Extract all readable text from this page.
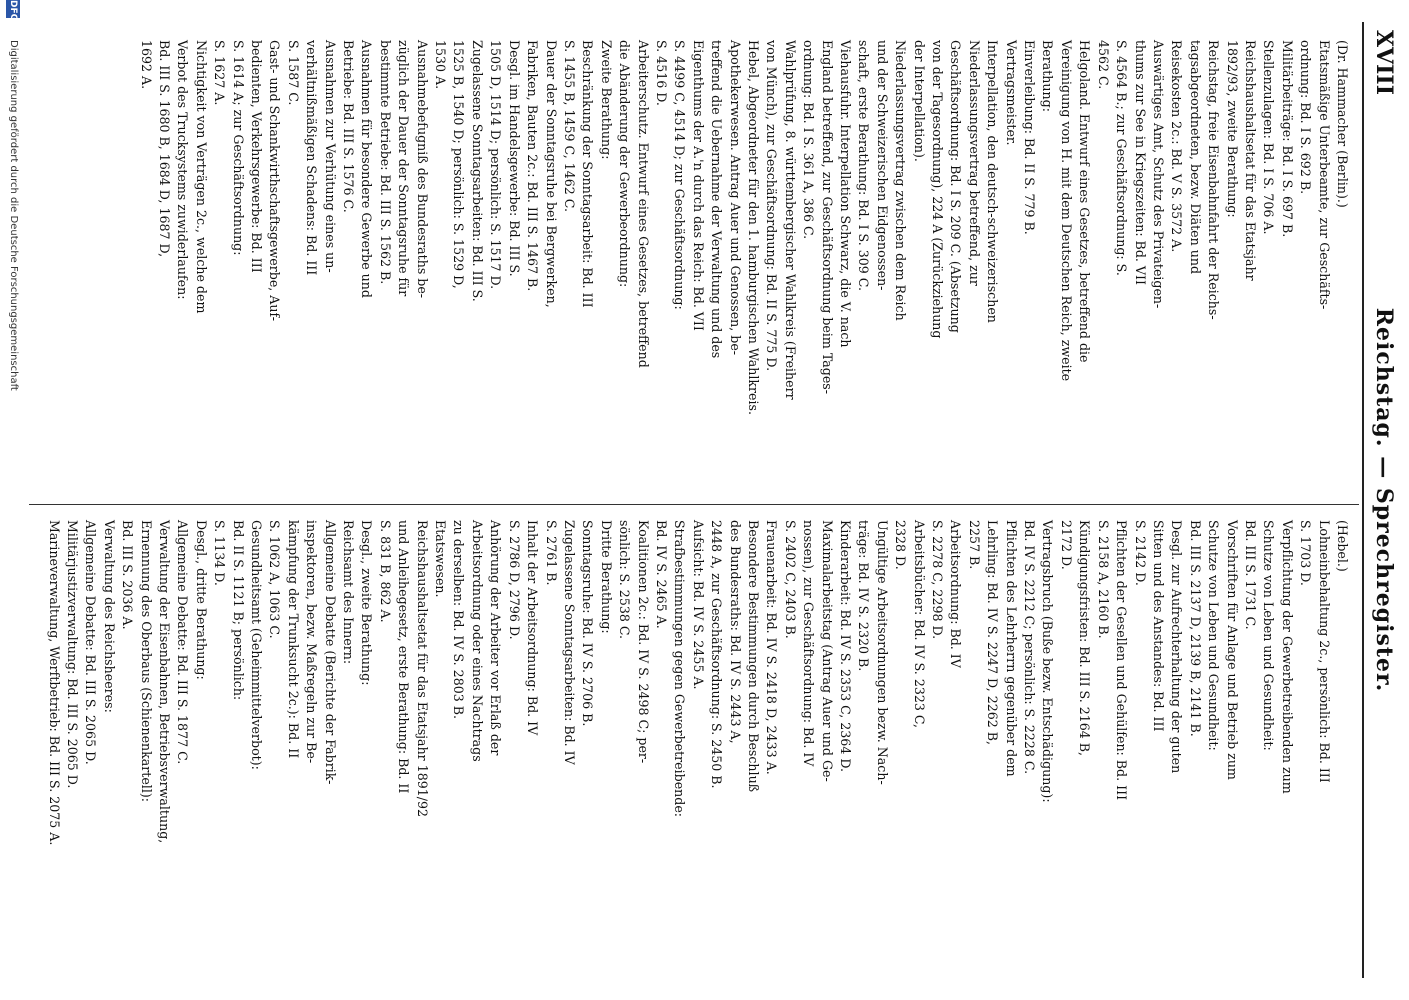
XVIII
Reichstag. — Sprechregister.
(Dr. Hammacher (Berlin).)
Etatsmäßige Unterbeamte, zur Geschäfts-
ordnung: Bd. I S. 692 B.
Militärbeiträge: Bd. I S. 697 B.
Stellenzulagen: Bd. I S. 706 A.
Reichshaushaltsetat für das Etatsjahr
1892/93, zweite Berathung:
Reichstag, freie Eisenbahnfahrt der Reichs-
tagsabgeordneten, bezw. Diäten und
Reisekosten 2c.: Bd. V S. 3572 A.
Auswärtiges Amt, Schutz des Privateigen-
thums zur See in Kriegszeiten: Bd. VII
S. 4564 B.; zur Geschäftsordnung: S.
4562 C.
Helgoland. Entwurf eines Gesetzes, betreffend die
Vereinigung von H. mit dem Deutschen Reich, zweite
Berathung:
Einverleibung: Bd. II S. 779 B.
Vertragsmeister.
Interpellation, den deutsch-schweizerischen
Niederlassungsvertrag betreffend, zur
Geschäftsordnung: Bd. I S. 209 C. (Absetzung
von der Tagesordnung), 224 A (Zurückziehung
der Interpellation).
Niederlassungsvertrag zwischen dem Reich
und der Schweizerischen Eidgenossen-
schaft, erste Berathung: Bd. I S. 309 C.
Viehausfuhr. Interpellation Schwarz, die V. nach
England betreffend, zur Geschäftsordnung beim Tages-
ordnung: Bd. I S. 361 A, 386 C.
Wahlprüfung, 8. württembergischer Wahlkreis (Freiherr
von Münch), zur Geschäftsordnung: Bd. II S. 775 D.
Hebel, Abgeordneter für den 1. hamburgischen Wahlkreis.
Apothekerwesen. Antrag Auer und Genossen, be-
treffend die Uebernahme der Verwaltung und des
Eigenthums der A.'n durch das Reich: Bd. VII
S. 4499 C, 4514 D; zur Geschäftsordnung:
S. 4516 D.
Arbeiterschutz. Entwurf eines Gesetzes, betreffend
die Abänderung der Gewerbeordnung:
Zweite Berathung:
Beschränkung der Sonntagsarbeit: Bd. III
S. 1455 B, 1459 C, 1462 C.
Dauer der Sonntagsruhe bei Bergwerken,
Fabriken, Bauten 2c.: Bd. III S. 1467 B.
Desgl. im Handelsgewerbe: Bd. III S.
1505 D, 1514 D; persönlich: S. 1517 D.
Zugelassene Sonntagsarbeiten: Bd. III S.
1525 B, 1540 D; persönlich: S. 1529 D,
1530 A.
Ausnahmebefugniß des Bundesraths be-
züglich der Dauer der Sonntagsruhe für
bestimmte Betriebe: Bd. III S. 1562 B.
Ausnahmen für besondere Gewerbe und
Betriebe: Bd. III S. 1576 C.
Ausnahmen zur Verhütung eines un-
verhältnißmäßigen Schadens: Bd. III
S. 1587 C.
Gast- und Schankwirthschaftsgewerbe, Auf-
bedienten, Verkehrsgewerbe: Bd. III
S. 1614 A; zur Geschäftsordnung:
S. 1627 A.
Nichtigkeit von Verträgen 2c., welche dem
Verbot des Trucksystems zuwiderlaufen:
Bd. III S. 1680 B, 1684 D, 1687 D,
1692 A.
(Hebel.)
Lohneinbehaltung 2c., persönlich: Bd. III
S. 1703 D.
Verpflichtung der Gewerbetreibenden zum
Schutze von Leben und Gesundheit:
Bd. III S. 1731 C.
Vorschriften für Anlage und Betrieb zum
Schutze von Leben und Gesundheit:
Bd. III S. 2137 D, 2139 B, 2141 B.
Desgl. zur Aufrechterhaltung der guten
Sitten und des Anstandes: Bd. III
S. 2142 D.
Pflichten der Gesellen und Gehülfen: Bd. III
S. 2158 A, 2160 B.
Kündigungsfristen: Bd. III S. 2164 B,
2172 D.
Vertragsbruch (Buße bezw. Entschädigung):
Bd. IV S. 2212 C; persönlich: S. 2228 C.
Pflichten des Lehrherrn gegenüber dem
Lehrling: Bd. IV S. 2247 D, 2262 B,
2257 B.
Arbeitsordnung: Bd. IV
S. 2278 C, 2298 D.
Arbeitsbücher: Bd. IV S. 2323 C,
2328 D.
Ungültige Arbeitsordnungen bezw. Nach-
träge: Bd. IV S. 2320 B.
Kinderarbeit: Bd. IV S. 2353 C, 2364 D.
Maximalarbeitstag (Antrag Auer und Ge-
nossen), zur Geschäftsordnung: Bd. IV
S. 2402 C, 2403 B.
Frauenarbeit: Bd. IV S. 2418 D, 2433 A.
Besondere Bestimmungen durch Beschluß
des Bundesraths: Bd. IV S. 2443 A,
2448 A, zur Geschäftsordnung: S. 2450 B.
Aufsicht: Bd. IV S. 2455 A.
Strafbestimmungen gegen Gewerbetreibende:
Bd. IV S. 2465 A.
Koalitionen 2c.: Bd. IV S. 2498 C; per-
sönlich: S. 2538 C.
Dritte Berathung:
Sonntagsruhe: Bd. IV S. 2706 B.
Zugelassene Sonntagsarbeiten: Bd. IV
S. 2761 B.
Inhalt der Arbeitsordnung: Bd. IV
S. 2786 D, 2796 D.
Anhörung der Arbeiter vor Erlaß der
Arbeitsordnung oder eines Nachtrags
zu derselben: Bd. IV S. 2803 B.
Etatswesen.
Reichshaushaltsetat für das Etatsjahr 1891/92
und Anleihegesetz, erste Berathung: Bd. II
S. 831 B, 862 A.
Desgl., zweite Berathung:
Reichsamt des Innern:
Allgemeine Debatte (Berichte der Fabrik-
inspektoren, bezw. Maßregeln zur Be-
kämpfung der Trunksucht 2c.): Bd. II
S. 1062 A, 1063 C.
Gesundheitsamt (Geheimmittelverbot):
Bd. II S. 1121 B; persönlich:
S. 1134 D.
Desgl., dritte Berathung:
Allgemeine Debatte: Bd. III S. 1877 C.
Verwaltung der Eisenbahnen, Betriebsverwaltung,
Ernennung des Oberbaus (Schienenkartell):
Bd. III S. 2036 A.
Verwaltung des Reichsheeres:
Allgemeine Debatte: Bd. III S. 2065 D.
Militärjustizverwaltung: Bd. III S. 2065 D.
Marineverwaltung, Werftbetrieb: Bd. III S. 2075 A.
DFG
Digitalisierung gefördert durch die Deutsche Forschungsgemeinschaft
